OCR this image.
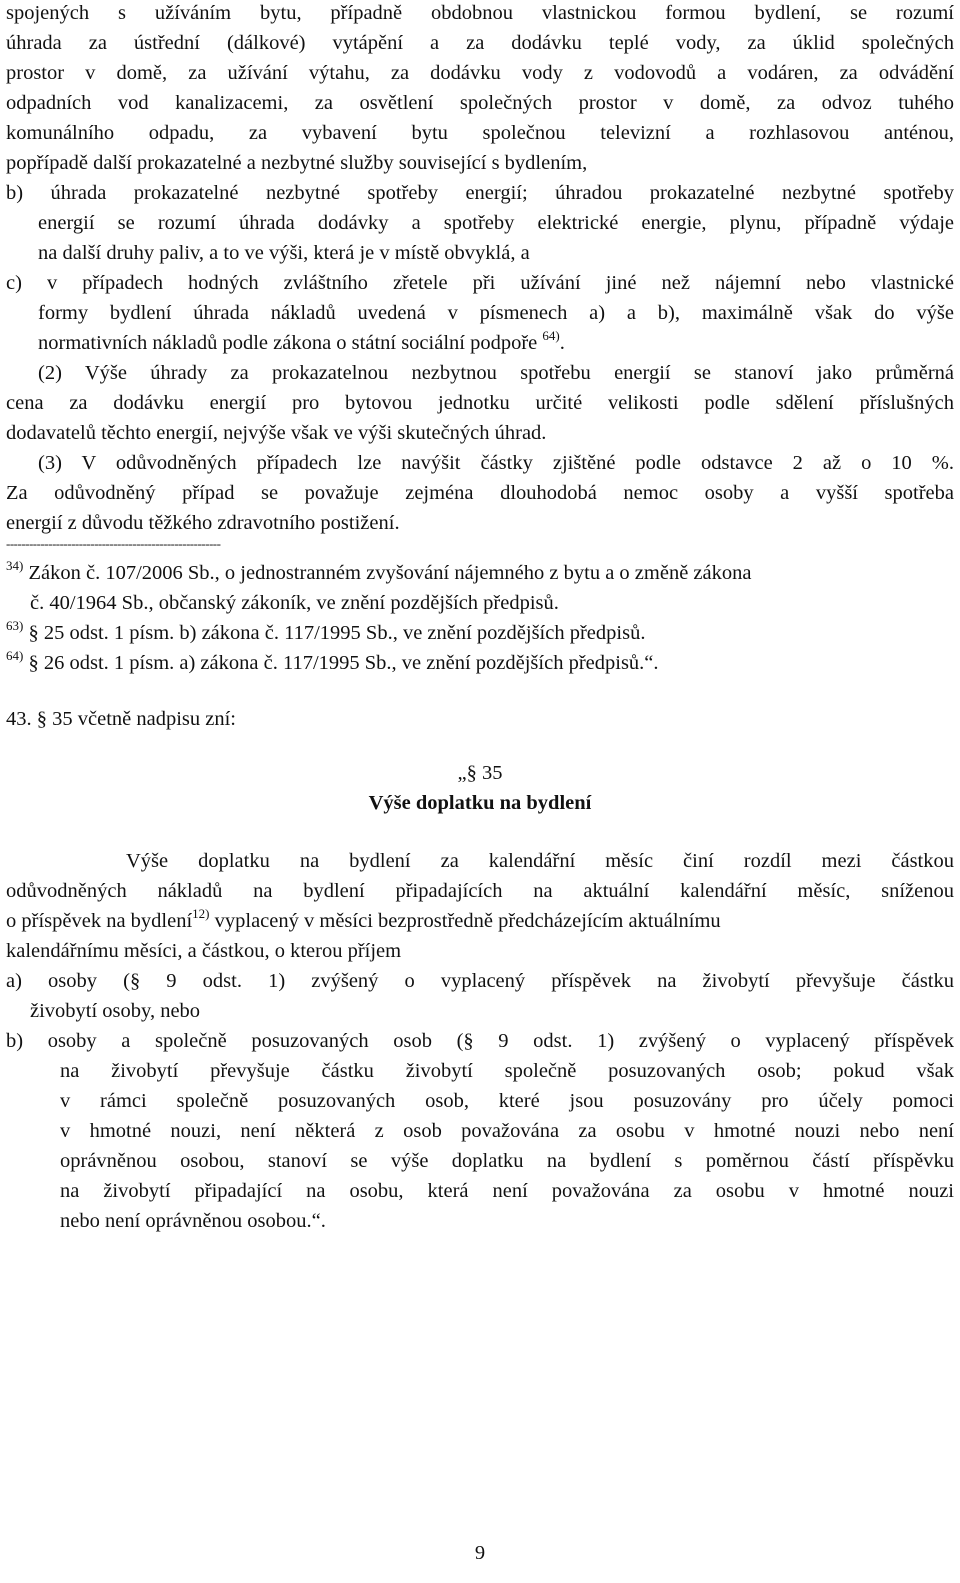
spojených s užíváním bytu, případně obdobnou vlastnickou formou bydlení, se rozumí
úhrada za ústřední (dálkové) vytápění a za dodávku teplé vody, za úklid společných
prostor v domě, za užívání výtahu, za dodávku vody z vodovodů a vodáren, za odvádění
odpadních vod kanalizacemi, za osvětlení společných prostor v domě, za odvoz tuhého
komunálního odpadu, za vybavení bytu společnou televizní a rozhlasovou anténou,
popřípadě další prokazatelné a nezbytné služby související s bydlením,
b) úhrada prokazatelné nezbytné spotřeby energií; úhradou prokazatelné nezbytné spotřeby
energií se rozumí úhrada dodávky a spotřeby elektrické energie, plynu, případně výdaje
na další druhy paliv, a to ve výši, která je v místě obvyklá, a
c) v případech hodných zvláštního zřetele při užívání jiné než nájemní nebo vlastnické
formy bydlení úhrada nákladů uvedená v písmenech a) a b), maximálně však do výše
normativních nákladů podle zákona o státní sociální podpoře $^{64)}$.
(2) Výše úhrady za prokazatelnou nezbytnou spotřebu energií se stanoví jako průměrná
cena za dodávku energií pro bytovou jednotku určité velikosti podle sdělení příslušných
dodavatelů těchto energií, nejvýše však ve výši skutečných úhrad.
(3) V odůvodněných případech lze navýšit částky zjištěné podle odstavce 2 až o 10 %.
Za odůvodněný případ se považuje zejména dlouhodobá nemoc osoby a vyšší spotřeba
energií z důvodu těžkého zdravotního postižení.
--------------------------------------------------------
$^{34)}$ Zákon č. 107/2006 Sb., o jednostranném zvyšování nájemného z bytu a o změně zákona
č. 40/1964 Sb., občanský zákoník, ve znění pozdějších předpisů.
$^{63)}$ § 25 odst. 1 písm. b) zákona č. 117/1995 Sb., ve znění pozdějších předpisů.
$^{64)}$ § 26 odst. 1 písm. a) zákona č. 117/1995 Sb., ve znění pozdějších předpisů.“.
43. § 35 včetně nadpisu zní:
„§ 35
Výše doplatku na bydlení
Výše doplatku na bydlení za kalendářní měsíc činí rozdíl mezi částkou
odůvodněných nákladů na bydlení připadajících na aktuální kalendářní měsíc, sníženou
o příspěvek na bydlení$^{12)}$ vyplacený v měsíci bezprostředně předcházejícím aktuálnímu
kalendářnímu měsíci, a částkou, o kterou příjem
a) osoby (§ 9 odst. 1) zvýšený o vyplacený příspěvek na živobytí převyšuje částku
živobytí osoby, nebo
b) osoby a společně posuzovaných osob (§ 9 odst. 1) zvýšený o vyplacený příspěvek
na živobytí převyšuje částku živobytí společně posuzovaných osob; pokud však
v rámci společně posuzovaných osob, které jsou posuzovány pro účely pomoci
v hmotné nouzi, není některá z osob považována za osobu v hmotné nouzi nebo není
oprávněnou osobou, stanoví se výše doplatku na bydlení s poměrnou částí příspěvku
na živobytí připadající na osobu, která není považována za osobu v hmotné nouzi
nebo není oprávněnou osobou.“.
9
